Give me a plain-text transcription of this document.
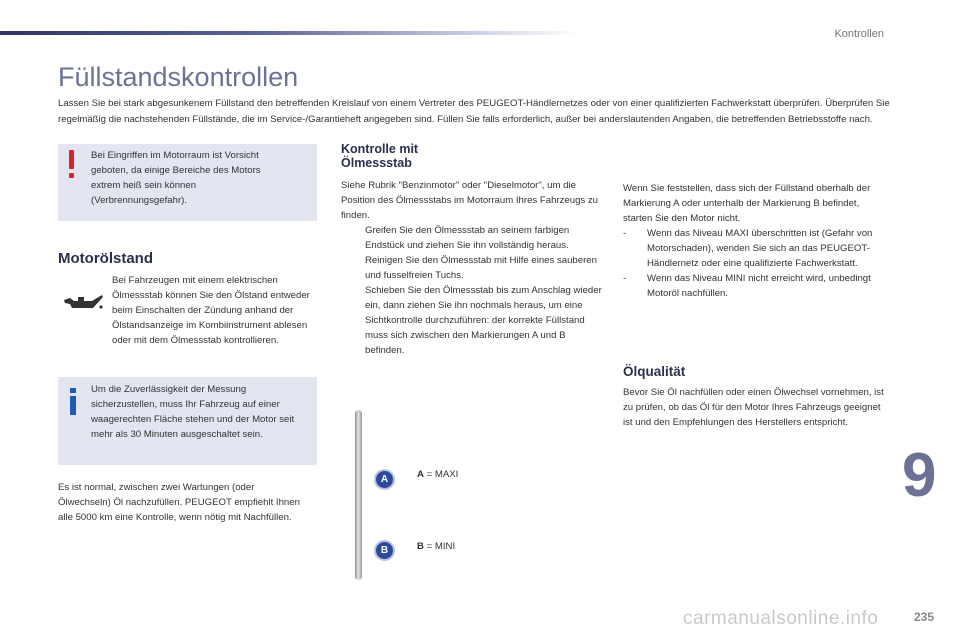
Kontrollen
Füllstandskontrollen
Lassen Sie bei stark abgesunkenem Füllstand den betreffenden Kreislauf von einem Vertreter des PEUGEOT-Händlernetzes oder von einer qualifizierten Fachwerkstatt überprüfen. Überprüfen Sie regelmäßig die nachstehenden Füllstände, die im Service-/Garantieheft angegeben sind. Füllen Sie falls erforderlich, außer bei anderslautenden Angaben, die betreffenden Betriebsstoffe nach.
Bei Eingriffen im Motorraum ist Vorsicht geboten, da einige Bereiche des Motors extrem heiß sein können (Verbrennungsgefahr).
Motorölstand
Bei Fahrzeugen mit einem elektrischen Ölmessstab können Sie den Ölstand entweder beim Einschalten der Zündung anhand der Ölstandsanzeige im Kombiinstrument ablesen oder mit dem Ölmessstab kontrollieren.
Um die Zuverlässigkeit der Messung sicherzustellen, muss Ihr Fahrzeug auf einer waagerechten Fläche stehen und der Motor seit mehr als 30 Minuten ausgeschaltet sein.
Es ist normal, zwischen zwei Wartungen (oder Ölwechseln) Öl nachzufüllen. PEUGEOT empfiehlt Ihnen alle 5000 km eine Kontrolle, wenn nötig mit Nachfüllen.
Kontrolle mit Ölmessstab

Siehe Rubrik "Benzinmotor" oder "Dieselmotor", um die Position des Ölmessstabs im Motorraum Ihres Fahrzeugs zu finden.

Greifen Sie den Ölmessstab an seinem farbigen Endstück und ziehen Sie ihn vollständig heraus.
Reinigen Sie den Ölmessstab mit Hilfe eines sauberen und fusselfreien Tuchs.
Schieben Sie den Ölmessstab bis zum Anschlag wieder ein, dann ziehen Sie ihn nochmals heraus, um eine Sichtkontrolle durchzuführen: der korrekte Füllstand muss sich zwischen den Markierungen A und B befinden.
A
B
A = MAXI
B = MINI

Wenn Sie feststellen, dass sich der Füllstand oberhalb der Markierung A oder unterhalb der Markierung B befindet, starten Sie den Motor nicht.

- Wenn das Niveau MAXI überschritten ist (Gefahr von Motorschaden), wenden Sie sich an das PEUGEOT-Händlernetz oder eine qualifizierte Fachwerkstatt.
- Wenn das Niveau MINI nicht erreicht wird, unbedingt Motoröl nachfüllen.
Ölqualität
Bevor Sie Öl nachfüllen oder einen Ölwechsel vornehmen, ist zu prüfen, ob das Öl für den Motor Ihres Fahrzeugs geeignet ist und den Empfehlungen des Herstellers entspricht.
9
carmanualsonline.info	235
